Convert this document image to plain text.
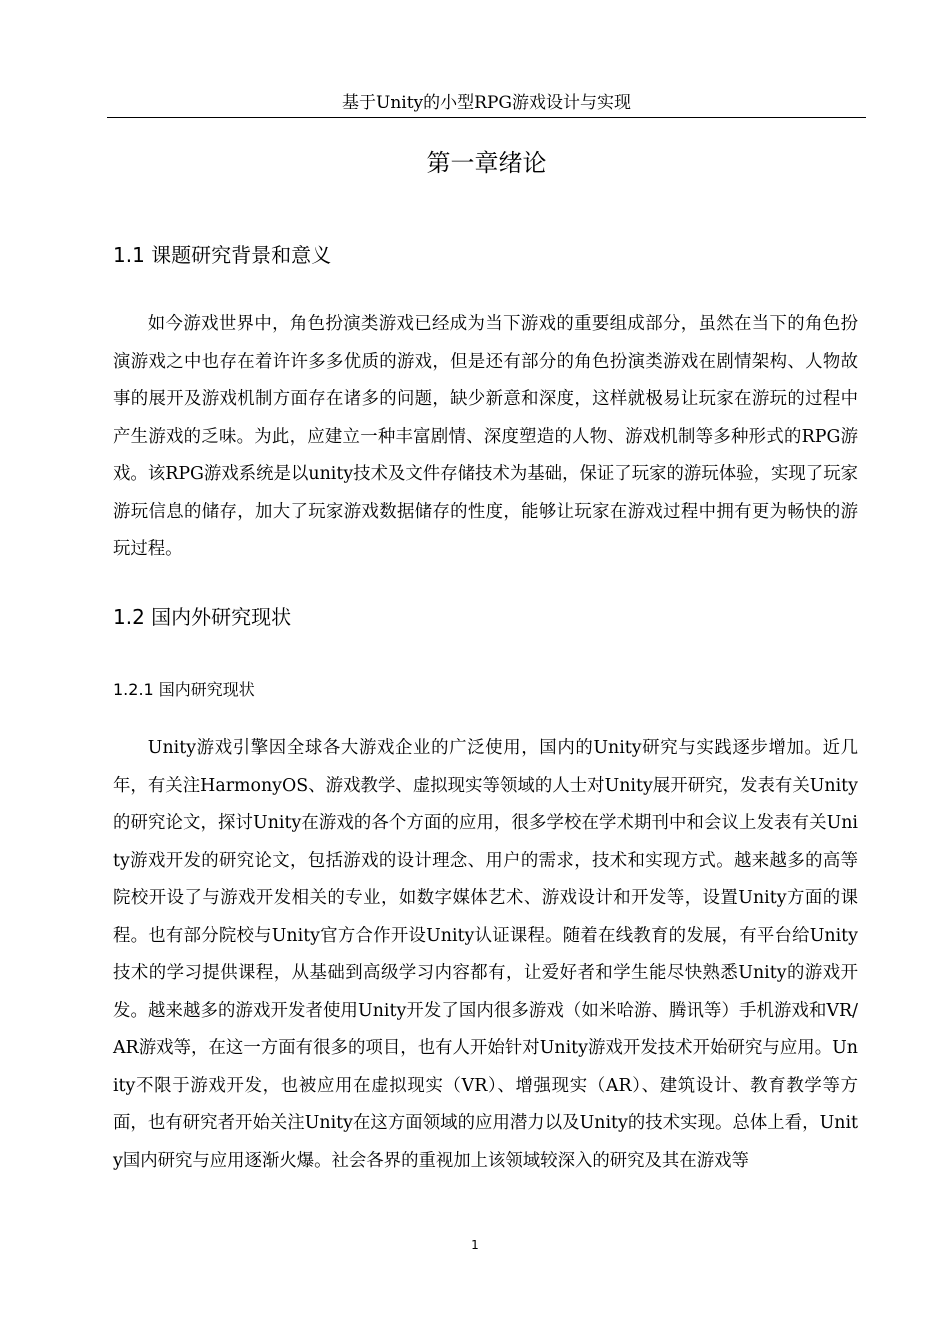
基于Unity的小型RPG游戏设计与实现
第一章绪论
1.1 课题研究背景和意义
如今游戏世界中，角色扮演类游戏已经成为当下游戏的重要组成部分，虽然在当下的角色扮演游戏之中也存在着许许多多优质的游戏，但是还有部分的角色扮演类游戏在剧情架构、人物故事的展开及游戏机制方面存在诸多的问题，缺少新意和深度，这样就极易让玩家在游玩的过程中产生游戏的乏味。为此，应建立一种丰富剧情、深度塑造的人物、游戏机制等多种形式的RPG游戏。该RPG游戏系统是以unity技术及文件存储技术为基础，保证了玩家的游玩体验，实现了玩家游玩信息的储存，加大了玩家游戏数据储存的性度，能够让玩家在游戏过程中拥有更为畅快的游玩过程。
1.2 国内外研究现状
1.2.1 国内研究现状
Unity游戏引擎因全球各大游戏企业的广泛使用，国内的Unity研究与实践逐步增加。近几年，有关注HarmonyOS、游戏教学、虚拟现实等领域的人士对Unity展开研究，发表有关Unity的研究论文，探讨Unity在游戏的各个方面的应用，很多学校在学术期刊中和会议上发表有关Unity游戏开发的研究论文，包括游戏的设计理念、用户的需求，技术和实现方式。越来越多的高等院校开设了与游戏开发相关的专业，如数字媒体艺术、游戏设计和开发等，设置Unity方面的课程。也有部分院校与Unity官方合作开设Unity认证课程。随着在线教育的发展，有平台给Unity技术的学习提供课程，从基础到高级学习内容都有，让爱好者和学生能尽快熟悉Unity的游戏开发。越来越多的游戏开发者使用Unity开发了国内很多游戏（如米哈游、腾讯等）手机游戏和VR/AR游戏等，在这一方面有很多的项目，也有人开始针对Unity游戏开发技术开始研究与应用。Unity不限于游戏开发，也被应用在虚拟现实（VR）、增强现实（AR）、建筑设计、教育教学等方面，也有研究者开始关注Unity在这方面领域的应用潜力以及Unity的技术实现。总体上看，Unity国内研究与应用逐渐火爆。社会各界的重视加上该领域较深入的研究及其在游戏等
1
